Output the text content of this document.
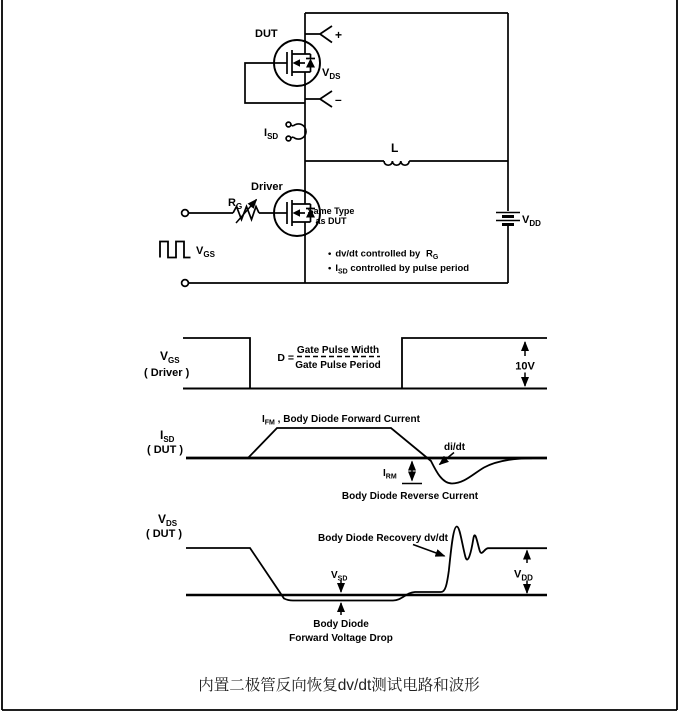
+
–
DUT
$V_{DS}$
$I_{SD}$
L
$V_{DD}$
$R_G$
Driver
Same Type
as DUT
$V_{GS}$	• dv/dt controlled by $R_G$
• $I_{SD}$ controlled by pulse period
$V_{GS}$
( Driver )
D =
Gate Pulse Width
Gate Pulse Period	10V
$I_{SD}$
( DUT )
$I_{FM}$ , Body Diode Forward Current
di/dt
$I_{RM}$
Body Diode Reverse Current
$V_{DS}$
( DUT )	Body Diode Recovery dv/dt
$V_{SD}$	$V_{DD}$
Body Diode
Forward Voltage Drop
内置二极管反向恢复dv/dt测试电路和波形
